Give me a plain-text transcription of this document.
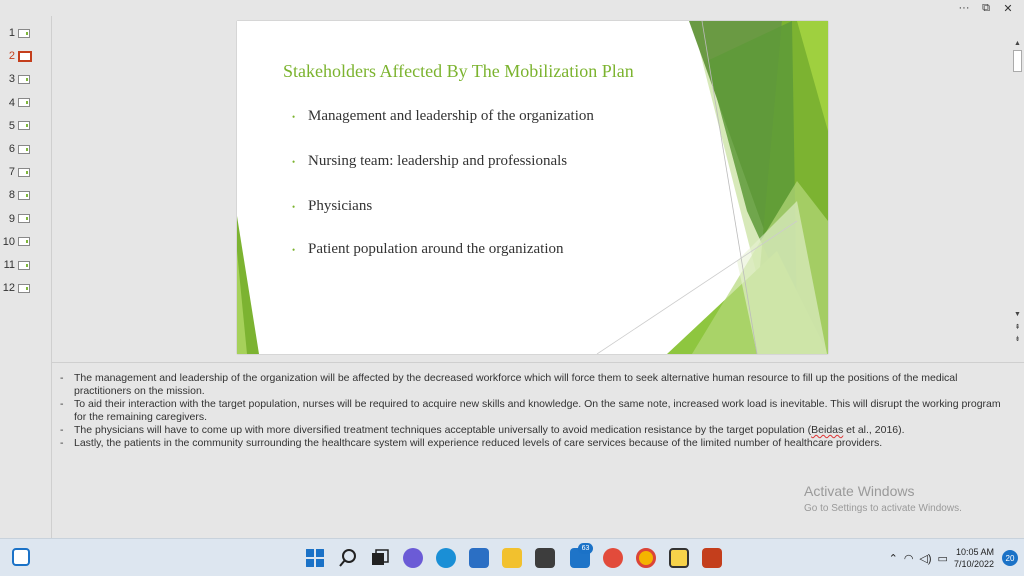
···	⧉	✕
1
2
3
4
5
6
7
8
9
10
11
12
Stakeholders Affected By The Mobilization Plan
• Management and leadership of the organization
• Nursing team: leadership and professionals
• Physicians
• Patient population around the organization
▲
▼
⇞
⇟
- The management and leadership of the organization will be affected by the decreased workforce which will force them to seek alternative human resource to fill up the positions of the medical practitioners on the mission.
- To aid their interaction with the target population, nurses will be required to acquire new skills and knowledge. On the same note, increased work load is inevitable. This will disrupt the working program for the remaining caregivers.
- The physicians will have to come up with more diversified treatment techniques acceptable universally to avoid medication resistance by the target population (Beidas et al., 2016).
- Lastly, the patients in the community surrounding the healthcare system will experience reduced levels of care services because of the limited number of healthcare providers.
Activate Windows
Go to Settings to activate Windows.
63
⌃ ◠ ◁) ▭
10:05 AM
7/10/2022
20
